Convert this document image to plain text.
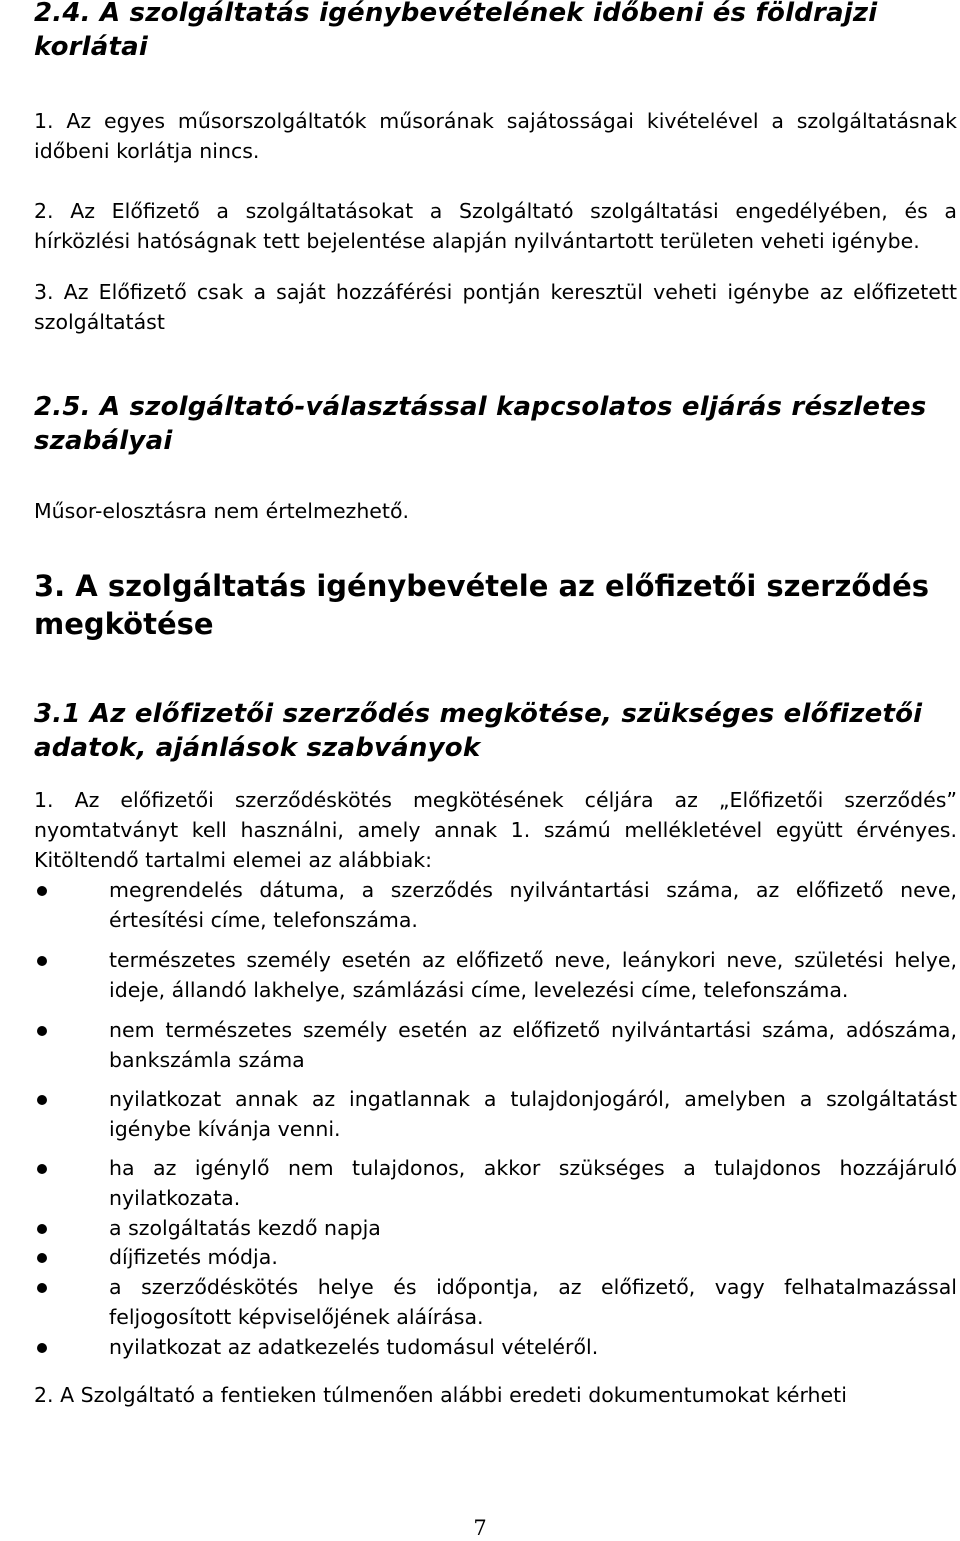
2.4. A szolgáltatás igénybevételének időbeni és földrajzi korlátai

1. Az egyes műsorszolgáltatók műsorának sajátosságai kivételével a szolgáltatásnak időbeni korlátja nincs.

2. Az Előfizető a szolgáltatásokat a Szolgáltató szolgáltatási engedélyében, és a hírközlési hatóságnak tett bejelentése alapján nyilvántartott területen veheti igénybe.

3. Az Előfizető csak a saját hozzáférési pontján keresztül veheti igénybe az előfizetett szolgáltatást

2.5. A szolgáltató-választással kapcsolatos eljárás részletes szabályai

Műsor-elosztásra nem értelmezhető.

3. A szolgáltatás igénybevétele az előfizetői szerződés megkötése
3.1 Az előfizetői szerződés megkötése, szükséges előfizetői adatok, ajánlások szabványok

1. Az előfizetői szerződéskötés megkötésének céljára az „Előfizetői szerződés” nyomtatványt kell használni, amely annak 1. számú mellékletével együtt érvényes. Kitöltendő tartalmi elemei az alábbiak:

megrendelés dátuma, a szerződés nyilvántartási száma, az előfizető neve, értesítési címe, telefonszáma.
természetes személy esetén az előfizető neve, leánykori neve, születési helye, ideje, állandó lakhelye, számlázási címe, levelezési címe, telefonszáma.
nem természetes személy esetén az előfizető nyilvántartási száma, adószáma, bankszámla száma
nyilatkozat annak az ingatlannak a tulajdonjogáról, amelyben a szolgáltatást igénybe kívánja venni.
ha az igénylő nem tulajdonos, akkor szükséges a tulajdonos hozzájáruló nyilatkozata.
a szolgáltatás kezdő napja
díjfizetés módja.
a szerződéskötés helye és időpontja, az előfizető, vagy felhatalmazással feljogosított képviselőjének aláírása.
nyilatkozat az adatkezelés tudomásul vételéről.

2. A Szolgáltató a fentieken túlmenően alábbi eredeti dokumentumokat kérheti

7
